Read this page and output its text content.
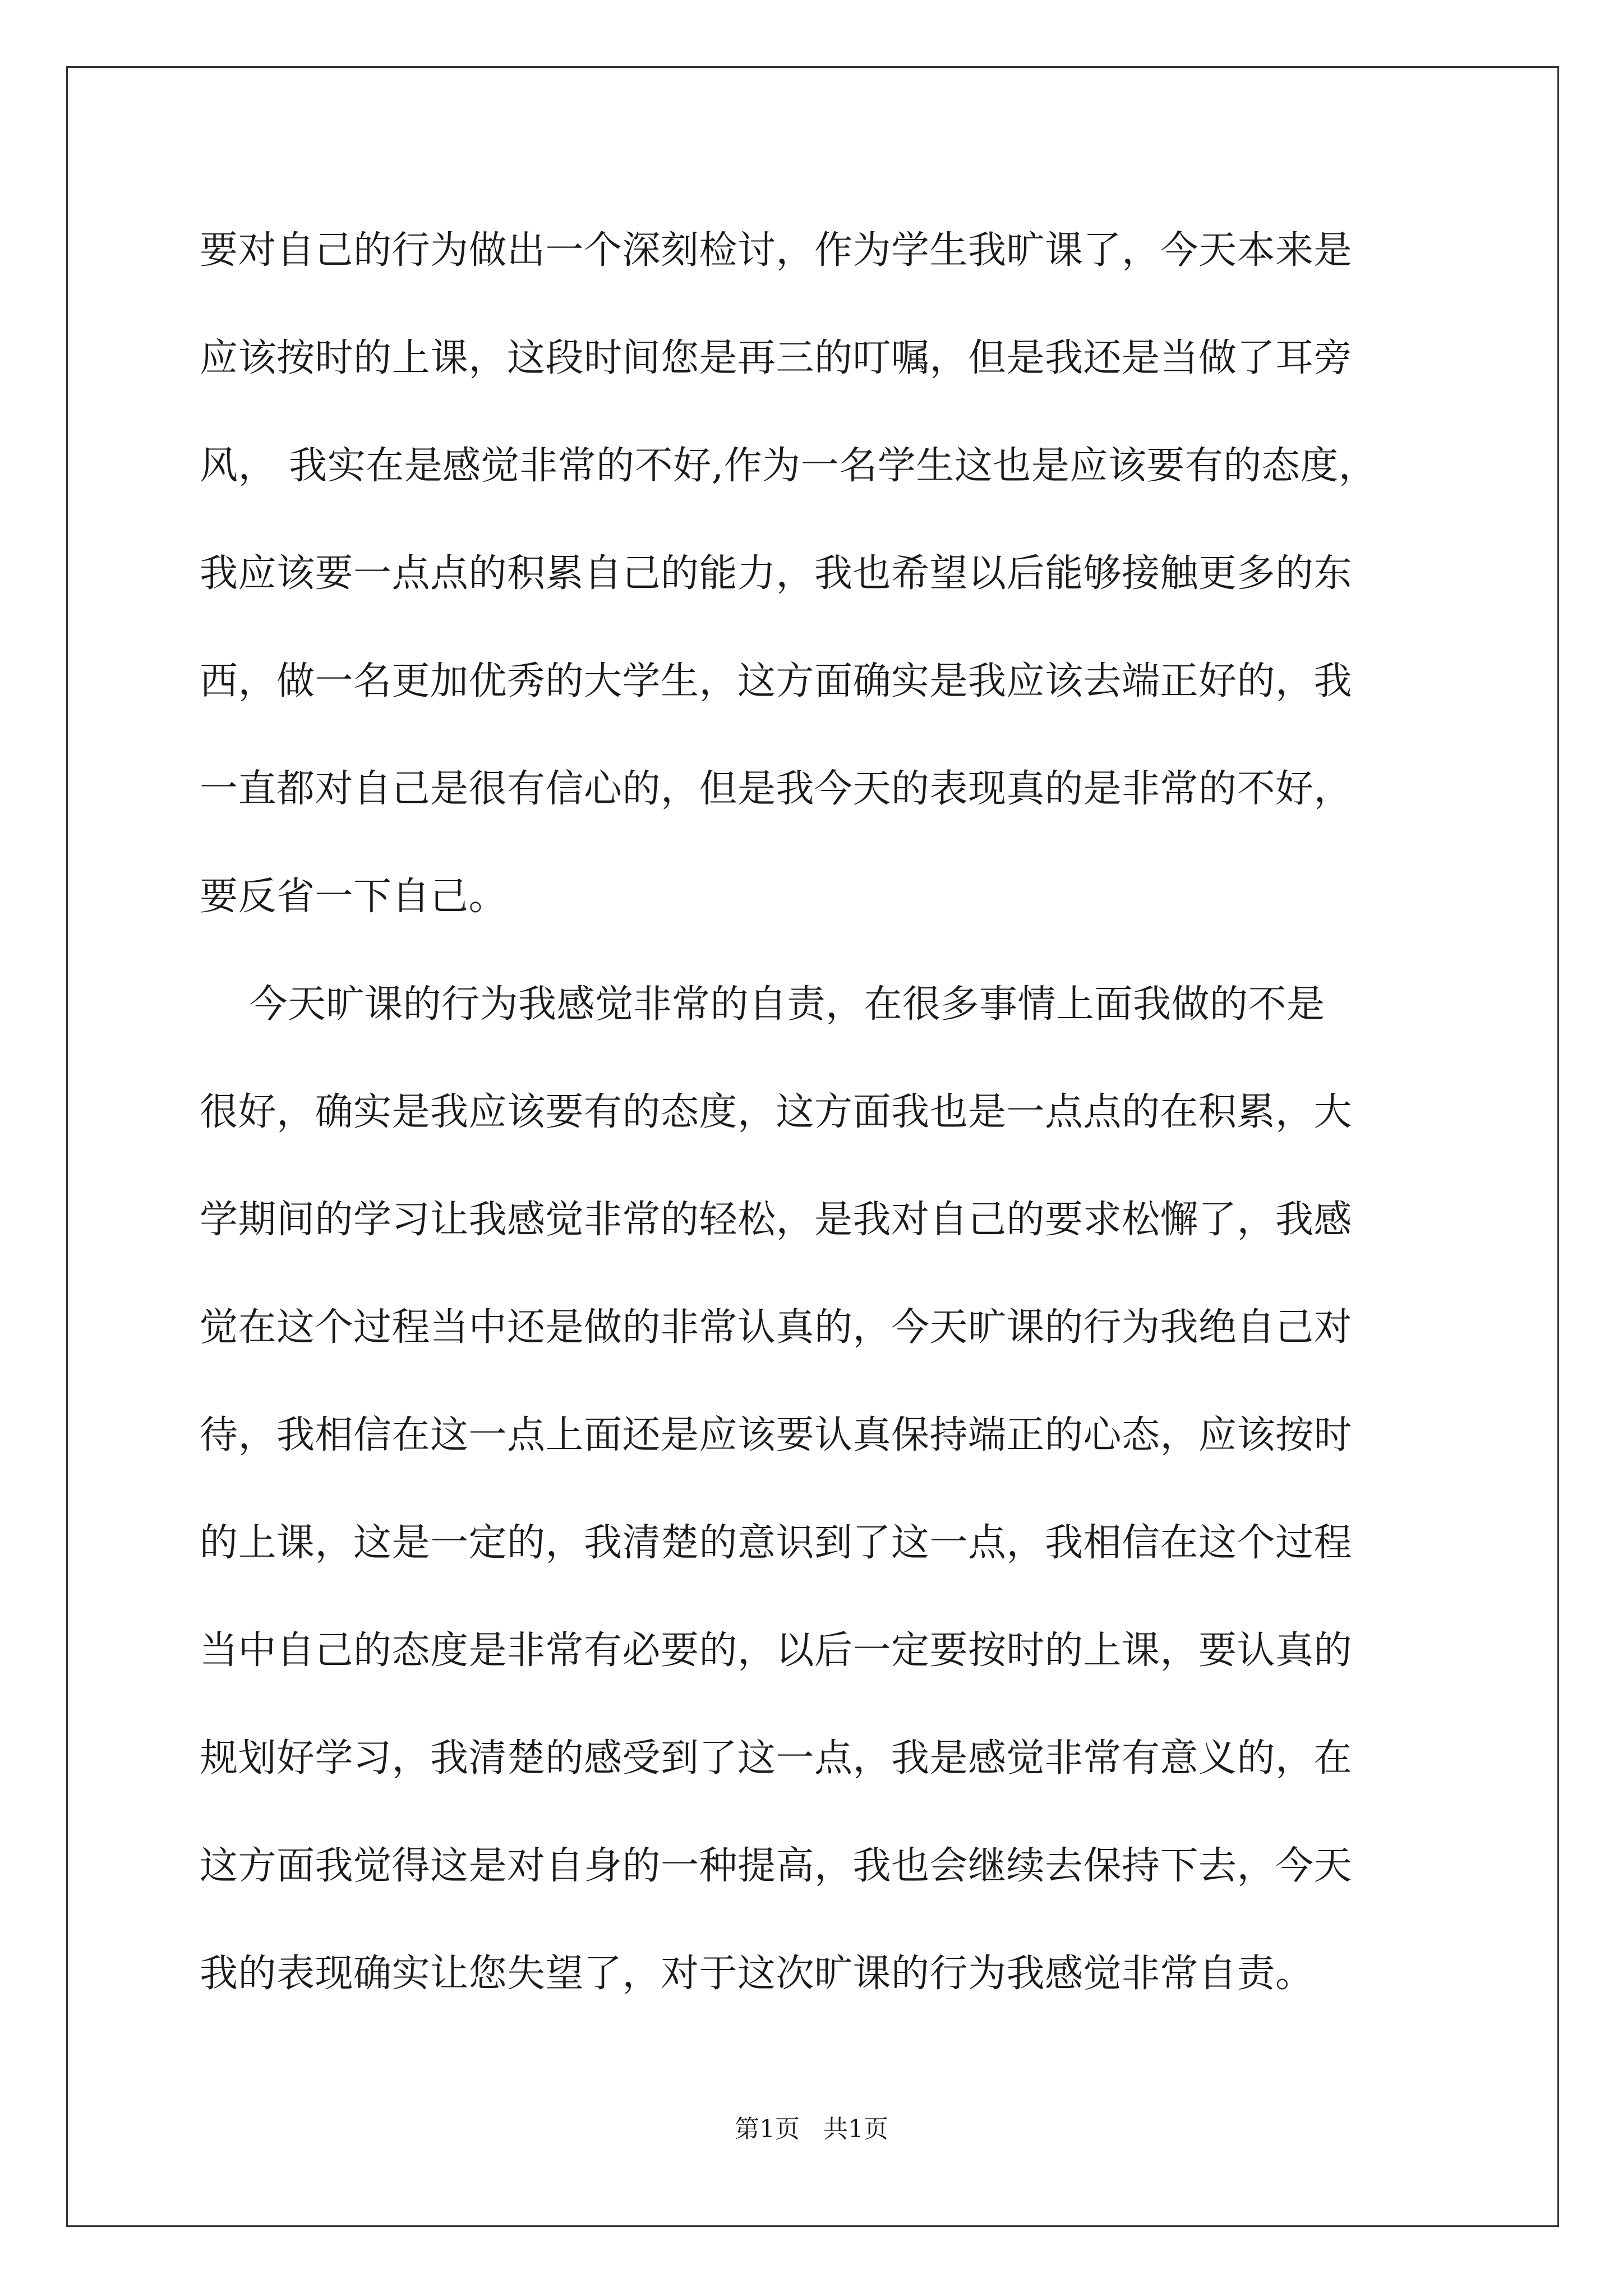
要对自己的行为做出一个深刻检讨，作为学生我旷课了，今天本来是
应该按时的上课，这段时间您是再三的叮嘱，但是我还是当做了耳旁
风， 我实在是感觉非常的不好,作为一名学生这也是应该要有的态度，
我应该要一点点的积累自己的能力，我也希望以后能够接触更多的东
西，做一名更加优秀的大学生，这方面确实是我应该去端正好的，我
一直都对自己是很有信心的，但是我今天的表现真的是非常的不好，
要反省一下自己。
今天旷课的行为我感觉非常的自责，在很多事情上面我做的不是
很好，确实是我应该要有的态度，这方面我也是一点点的在积累，大
学期间的学习让我感觉非常的轻松，是我对自己的要求松懈了，我感
觉在这个过程当中还是做的非常认真的，今天旷课的行为我绝自己对
待，我相信在这一点上面还是应该要认真保持端正的心态，应该按时
的上课，这是一定的，我清楚的意识到了这一点，我相信在这个过程
当中自己的态度是非常有必要的，以后一定要按时的上课，要认真的
规划好学习，我清楚的感受到了这一点，我是感觉非常有意义的，在
这方面我觉得这是对自身的一种提高，我也会继续去保持下去，今天
我的表现确实让您失望了，对于这次旷课的行为我感觉非常自责。
第1页   共1页
